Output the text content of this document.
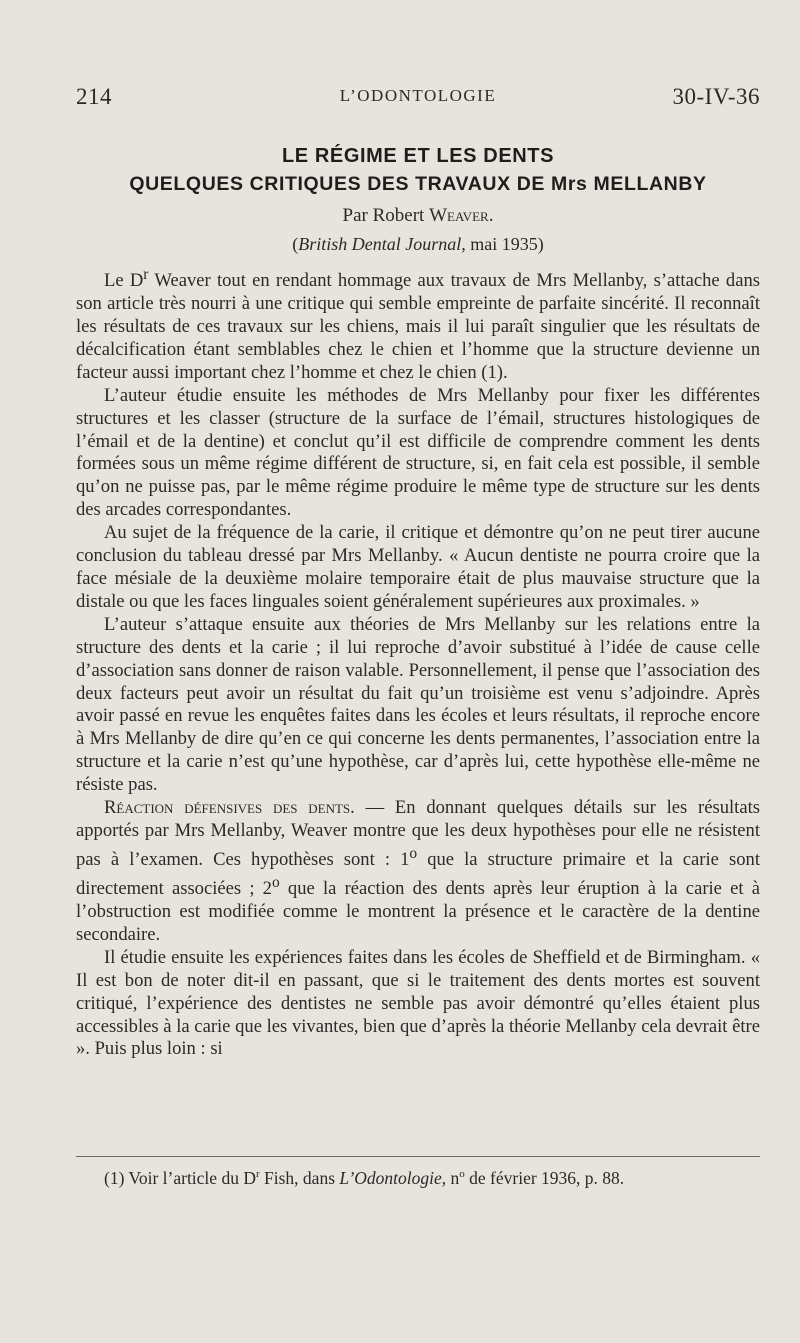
214	L’ODONTOLOGIE	30-IV-36
LE RÉGIME ET LES DENTS
QUELQUES CRITIQUES DES TRAVAUX DE Mrs MELLANBY
Par Robert Weaver.
(British Dental Journal, mai 1935)

Le $D^r$ Weaver tout en rendant hommage aux travaux de Mrs Mellanby, s’attache dans son article très nourri à une critique qui semble empreinte de parfaite sincérité. Il reconnaît les résultats de ces travaux sur les chiens, mais il lui paraît singulier que les résultats de décalcification étant semblables chez le chien et l’homme que la structure devienne un facteur aussi important chez l’homme et chez le chien (1).

L’auteur étudie ensuite les méthodes de Mrs Mellanby pour fixer les différentes structures et les classer (structure de la surface de l’émail, structures histologiques de l’émail et de la dentine) et conclut qu’il est difficile de comprendre comment les dents formées sous un même régime différent de structure, si, en fait cela est possible, il semble qu’on ne puisse pas, par le même régime produire le même type de structure sur les dents des arcades correspondantes.

Au sujet de la fréquence de la carie, il critique et démontre qu’on ne peut tirer aucune conclusion du tableau dressé par Mrs Mellanby. « Aucun dentiste ne pourra croire que la face mésiale de la deuxième molaire temporaire était de plus mauvaise structure que la distale ou que les faces linguales soient généralement supérieures aux proximales. »

L’auteur s’attaque ensuite aux théories de Mrs Mellanby sur les relations entre la structure des dents et la carie ; il lui reproche d’avoir substitué à l’idée de cause celle d’association sans donner de raison valable. Personnellement, il pense que l’association des deux facteurs peut avoir un résultat du fait qu’un troisième est venu s’adjoindre. Après avoir passé en revue les enquêtes faites dans les écoles et leurs résultats, il reproche encore à Mrs Mellanby de dire qu’en ce qui concerne les dents permanentes, l’association entre la structure et la carie n’est qu’une hypothèse, car d’après lui, cette hypothèse elle-même ne résiste pas.

Réaction défensives des dents. — En donnant quelques détails sur les résultats apportés par Mrs Mellanby, Weaver montre que les deux hypothèses pour elle ne résistent pas à l’examen. Ces hypothèses sont : 1$^o$ que la structure primaire et la carie sont directement associées ; 2$^o$ que la réaction des dents après leur éruption à la carie et à l’obstruction est modifiée comme le montrent la présence et le caractère de la dentine secondaire.

Il étudie ensuite les expériences faites dans les écoles de Sheffield et de Birmingham. « Il est bon de noter dit-il en passant, que si le traitement des dents mortes est souvent critiqué, l’expérience des dentistes ne semble pas avoir démontré qu’elles étaient plus accessibles à la carie que les vivantes, bien que d’après la théorie Mellanby cela devrait être ». Puis plus loin : si

(1) Voir l’article du $D^r$ Fish, dans L’Odontologie, $n^o$ de février 1936, p. 88.
